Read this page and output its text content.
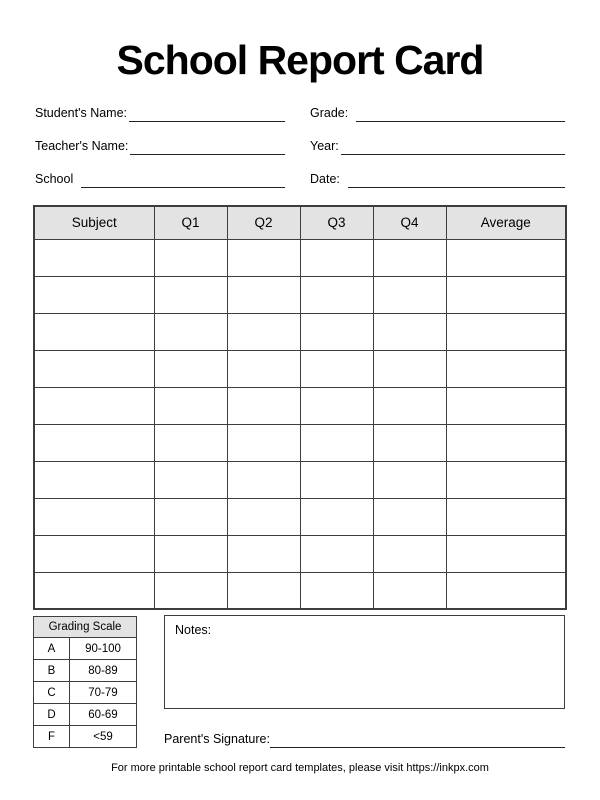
School Report Card
Student's Name:
Teacher's Name:
School
Grade:
Year:
Date:
Subject	Q1	Q2	Q3	Q4	Average

Grading Scale	
A	90-100
B	80-89
C	70-79
D	60-69
F	<59
Notes:
Parent's Signature:
For more printable school report card templates, please visit https://inkpx.com
